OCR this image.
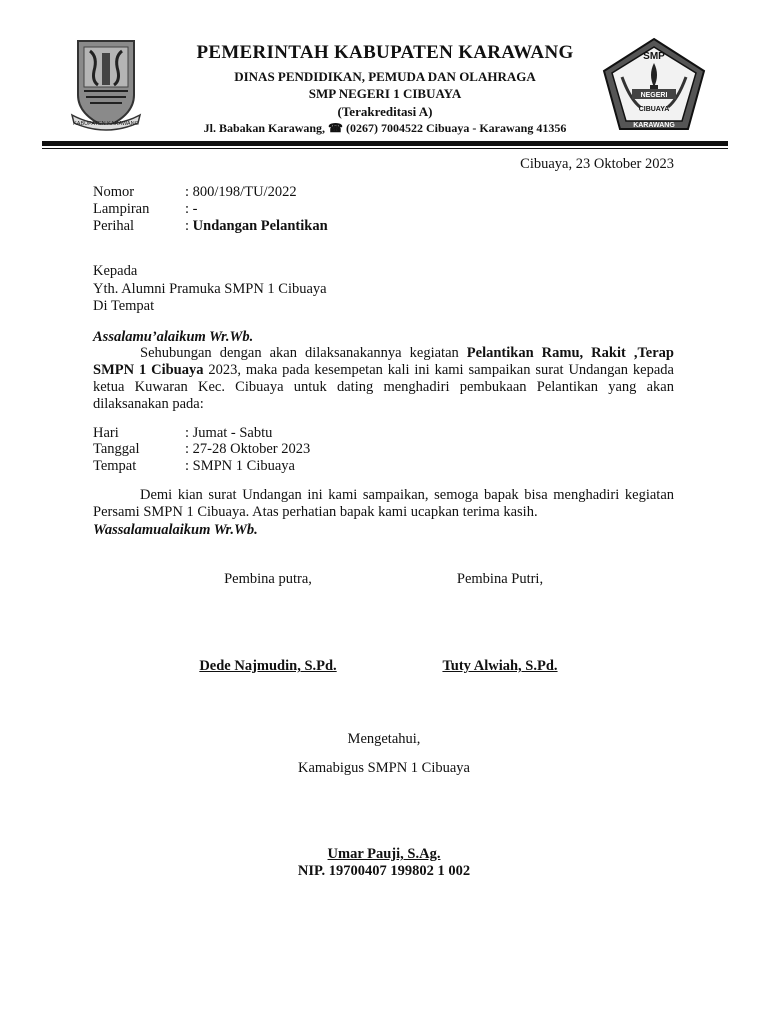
KABUPATEN KARAWANG
SMP
NEGERI
CIBUAYA
KARAWANG
PEMERINTAH KABUPATEN KARAWANG
DINAS PENDIDIKAN, PEMUDA DAN OLAHRAGA
SMP NEGERI 1 CIBUAYA
(Terakreditasi A)
Jl. Babakan Karawang, ☎ (0267) 7004522 Cibuaya - Karawang 41356
Cibuaya, 23 Oktober 2023
Nomor	: 800/198/TU/2022
Lampiran : -
Perihal	: Undangan Pelantikan
Kepada
Yth. Alumni Pramuka SMPN 1 Cibuaya
Di Tempat
Assalamu’alaikum Wr.Wb.
Sehubungan dengan akan dilaksanakannya kegiatan Pelantikan Ramu, Rakit ,Terap SMPN 1 Cibuaya 2023, maka pada kesempetan kali ini kami sampaikan surat Undangan kepada ketua Kuwaran Kec. Cibuaya untuk dating menghadiri pembukaan Pelantikan yang akan dilaksanakan pada:
Hari	: Jumat - Sabtu
Tanggal	: 27-28 Oktober 2023
Tempat	: SMPN 1 Cibuaya
Demi kian surat Undangan ini kami sampaikan, semoga bapak bisa menghadiri kegiatan Persami SMPN 1 Cibuaya. Atas perhatian bapak kami ucapkan terima kasih.
Wassalamualaikum Wr.Wb.
Pembina putra,	Pembina Putri,
Dede Najmudin, S.Pd.	Tuty Alwiah, S.Pd.
Mengetahui,
Kamabigus SMPN 1 Cibuaya
Umar Pauji, S.Ag.
NIP. 19700407 199802 1 002
